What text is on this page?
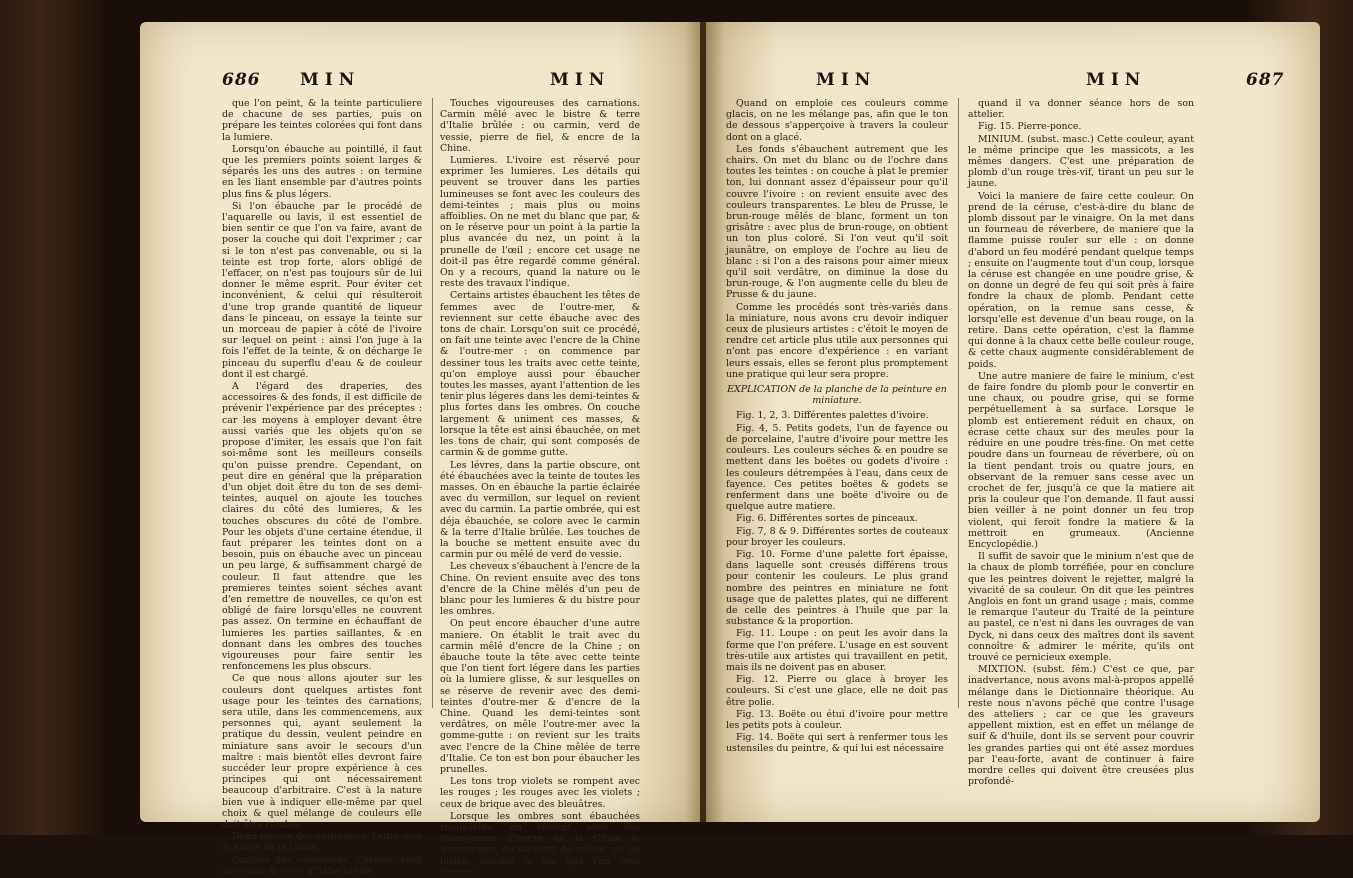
686 MIN	MIN

que l'on peint, & la teinte particuliere de chacune de ses parties, puis on prépare les teintes colorées qui font dans la lumiere.

Lorsqu'on ébauche au pointillé, il faut que les premiers points soient larges & séparés les uns des autres : on termine en les liant ensemble par d'autres points plus fins & plus légers.

Si l'on ébauche par le procédé de l'aquarelle ou lavis, il est essentiel de bien sentir ce que l'on va faire, avant de poser la couche qui doit l'exprimer ; car si le ton n'est pas convenable, ou si la teinte est trop forte, alors obligé de l'effacer, on n'est pas toujours sûr de lui donner le même esprit. Pour éviter cet inconvénient, & celui qui résulteroit d'une trop grande quantité de liqueur dans le pinceau, on essaye la teinte sur un morceau de papier à côté de l'ivoire sur lequel on peint : ainsi l'on juge à la fois l'effet de la teinte, & on décharge le pinceau du superflu d'eau & de couleur dont il est chargé.

A l'égard des draperies, des accessoires & des fonds, il est difficile de prévenir l'expérience par des préceptes : car les moyens à employer devant être aussi variés que les objets qu'on se propose d'imiter, les essais que l'on fait soi-même sont les meilleurs conseils qu'on puisse prendre. Cependant, on peut dire en général que la préparation d'un objet doit être du ton de ses demi-teintes, auquel on ajoute les touches claires du côté des lumieres, & les touches obscures du côté de l'ombre. Pour les objets d'une certaine étendue, il faut préparer les teintes dont on a besoin, puis on ébauche avec un pinceau un peu large, & suffisamment chargé de couleur. Il faut attendre que les premieres teintes soient séches avant d'en remettre de nouvelles, ce qu'on est obligé de faire lorsqu'elles ne couvrent pas assez. On termine en échauffant de lumieres les parties saillantes, & en donnant dans les ombres des touches vigoureuses pour faire sentir les renfoncemens les plus obscurs.

Ce que nous allons ajouter sur les couleurs dont quelques artistes font usage pour les teintes des carnations, sera utile, dans les commencemens, aux personnes qui, ayant seulement la pratique du dessin, veulent peindre en miniature sans avoir le secours d'un maître : mais bientôt elles devront faire succéder leur propre expérience à ces principes qui ont nécessairement beaucoup d'arbitraire. C'est à la nature bien vue à indiquer elle-même par quel choix & quel mélange de couleurs elle doit être rendue.

Demi-teintes des carnations. Outre-mer & encre de la Chine.

Ombres des carnations. Carmin, verd de vessie & terre d'Italie brûlée.

Touches vigoureuses des carnations. Carmin mêlé avec le bistre & terre d'Italie brûlée : ou carmin, verd de vessie, pierre de fiel, & encre de la Chine.

Lumieres. L'ivoire est réservé pour exprimer les lumieres. Les détails qui peuvent se trouver dans les parties lumineuses se font avec les couleurs des demi-teintes ; mais plus ou moins affoiblies. On ne met du blanc que par, & on le réserve pour un point à la partie la plus avancée du nez, un point à la prunelle de l'œil ; encore cet usage ne doit-il pas être regardé comme général. On y a recours, quand la nature ou le reste des travaux l'indique.

Certains artistes ébauchent les têtes de femmes avec de l'outre-mer, & reviennent sur cette ébauche avec des tons de chair. Lorsqu'on suit ce procédé, on fait une teinte avec l'encre de la Chine & l'outre-mer : on commence par dessiner tous les traits avec cette teinte, qu'on employe aussi pour ébaucher toutes les masses, ayant l'attention de les tenir plus légeres dans les demi-teintes & plus fortes dans les ombres. On couche largement & uniment ces masses, & lorsque la tête est ainsi ébauchée, on met les tons de chair, qui sont composés de carmin & de gomme gutte.

Les lévres, dans la partie obscure, ont été ébauchées avec la teinte de toutes les masses. On en ébauche la partie éclairée avec du vermillon, sur lequel on revient avec du carmin. La partie ombrée, qui est déja ébauchée, se colore avec le carmin & la terre d'Italie brûlée. Les touches de la bouche se mettent ensuite avec du carmin pur ou mêlé de verd de vessie.

Les cheveux s'ébauchent à l'encre de la Chine. On revient ensuite avec des tons d'encre de la Chine mêlés d'un peu de blanc pour les lumieres & du bistre pour les ombres.

On peut encore ébaucher d'une autre maniere. On établit le trait avec du carmin mêlé d'encre de la Chine ; on ébauche toute la tête avec cette teinte que l'on tient fort légere dans les parties où la lumiere glisse, & sur lesquelles on se réserve de revenir avec des demi-teintes d'outre-mer & d'encre de la Chine. Quand les demi-teintes sont verdâtres, on mêle l'outre-mer avec la gomme-gutte : on revient sur les traits avec l'encre de la Chine mêlée de terre d'Italie. Ce ton est bon pour ébaucher les prunelles.

Les tons trop violets se rompent avec les rouges ; les rouges avec les violets ; ceux de brique avec des bleuâtres.

Lorsque les ombres sont ébauchées rougeâtres, on revient avec des transparens d'encre de la Chine & d'outre-mer, ou de verd de vessie, ou de bistre, suivant le ton que l'on veut donner.

MIN	MIN	687

Quand on emploie ces couleurs comme glacis, on ne les mélange pas, afin que le ton de dessous s'apperçoive à travers la couleur dont on a glacé.

Les fonds s'ébauchent autrement que les chairs. On met du blanc ou de l'ochre dans toutes les teintes : on couche à plat le premier ton, lui donnant assez d'épaisseur pour qu'il couvre l'ivoire : on revient ensuite avec des couleurs transparentes. Le bleu de Prusse, le brun-rouge mêlés de blanc, forment un ton grisâtre : avec plus de brun-rouge, on obtient un ton plus coloré. Si l'on veut qu'il soit jaunâtre, on employe de l'ochre au lieu de blanc : si l'on a des raisons pour aimer mieux qu'il soit verdâtre, on diminue la dose du brun-rouge, & l'on augmente celle du bleu de Prusse & du jaune.

Comme les procédés sont très-variés dans la miniature, nous avons cru devoir indiquer ceux de plusieurs artistes : c'étoit le moyen de rendre cet article plus utile aux personnes qui n'ont pas encore d'expérience : en variant leurs essais, elles se feront plus promptement une pratique qui leur sera propre.

EXPLICATION de la planche de la peinture en miniature.

Fig. 1, 2, 3. Différentes palettes d'ivoire.

Fig. 4, 5. Petits godets, l'un de fayence ou de porcelaine, l'autre d'ivoire pour mettre les couleurs. Les couleurs séches & en poudre se mettent dans les boëtes ou godets d'ivoire : les couleurs détrempées à l'eau, dans ceux de fayence. Ces petites boëtes & godets se renferment dans une boëte d'ivoire ou de quelque autre matiere.

Fig. 6. Différentes sortes de pinceaux.

Fig. 7, 8 & 9. Différentes sortes de couteaux pour broyer les couleurs.

Fig. 10. Forme d'une palette fort épaisse, dans laquelle sont creusés différens trous pour contenir les couleurs. Le plus grand nombre des peintres en miniature ne font usage que de palettes plates, qui ne different de celle des peintres à l'huile que par la substance & la proportion.

Fig. 11. Loupe : on peut les avoir dans la forme que l'on préfere. L'usage en est souvent très-utile aux artistes qui travaillent en petit, mais ils ne doivent pas en abuser.

Fig. 12. Pierre ou glace à broyer les couleurs. Si c'est une glace, elle ne doit pas être polie.

Fig. 13. Boëte ou étui d'ivoire pour mettre les petits pots à couleur.

Fig. 14. Boëte qui sert à renfermer tous les ustensiles du peintre, & qui lui est nécessaire

quand il va donner séance hors de son attelier.

Fig. 15. Pierre-ponce.

MINIUM. (subst. masc.) Cette couleur, ayant le même principe que les massicots, a les mêmes dangers. C'est une préparation de plomb d'un rouge très-vif, tirant un peu sur le jaune.

Voici la maniere de faire cette couleur. On prend de la céruse, c'est-à-dire du blanc de plomb dissout par le vinaigre. On la met dans un fourneau de réverbere, de maniere que la flamme puisse rouler sur elle : on donne d'abord un feu modéré pendant quelque temps ; ensuite on l'augmente tout d'un coup, lorsque la céruse est changée en une poudre grise, & on donne un degré de feu qui soit près à faire fondre la chaux de plomb. Pendant cette opération, on la remue sans cesse, & lorsqu'elle est devenue d'un beau rouge, on la retire. Dans cette opération, c'est la flamme qui donne à la chaux cette belle couleur rouge, & cette chaux augmente considérablement de poids.

Une autre maniere de faire le minium, c'est de faire fondre du plomb pour le convertir en une chaux, ou poudre grise, qui se forme perpétuellement à sa surface. Lorsque le plomb est entierement réduit en chaux, on écrase cette chaux sur des meules pour la réduire en une poudre très-fine. On met cette poudre dans un fourneau de réverbere, où on la tient pendant trois ou quatre jours, en observant de la remuer sans cesse avec un crochet de fer, jusqu'à ce que la matiere ait pris la couleur que l'on demande. Il faut aussi bien veiller à ne point donner un feu trop violent, qui feroit fondre la matiere & la mettroit en grumeaux. (Ancienne Encyclopédie.)

Il suffit de savoir que le minium n'est que de la chaux de plomb torréfiée, pour en conclure que les peintres doivent le rejetter, malgré la vivacité de sa couleur. On dit que les peintres Anglois en font un grand usage ; mais, comme le remarque l'auteur du Traité de la peinture au pastel, ce n'est ni dans les ouvrages de van Dyck, ni dans ceux des maîtres dont ils savent connoître & admirer le mérite, qu'ils ont trouvé ce pernicieux exemple.

MIXTION. (subst. fém.) C'est ce que, par inadvertance, nous avons mal-à-propos appellé mélange dans le Dictionnaire théorique. Au reste nous n'avons péché que contre l'usage des atteliers ; car ce que les graveurs appellent mixtion, est en effet un mélange de suif & d'huile, dont ils se servent pour couvrir les grandes parties qui ont été assez mordues par l'eau-forte, avant de continuer à faire mordre celles qui doivent être creusées plus profondé-
